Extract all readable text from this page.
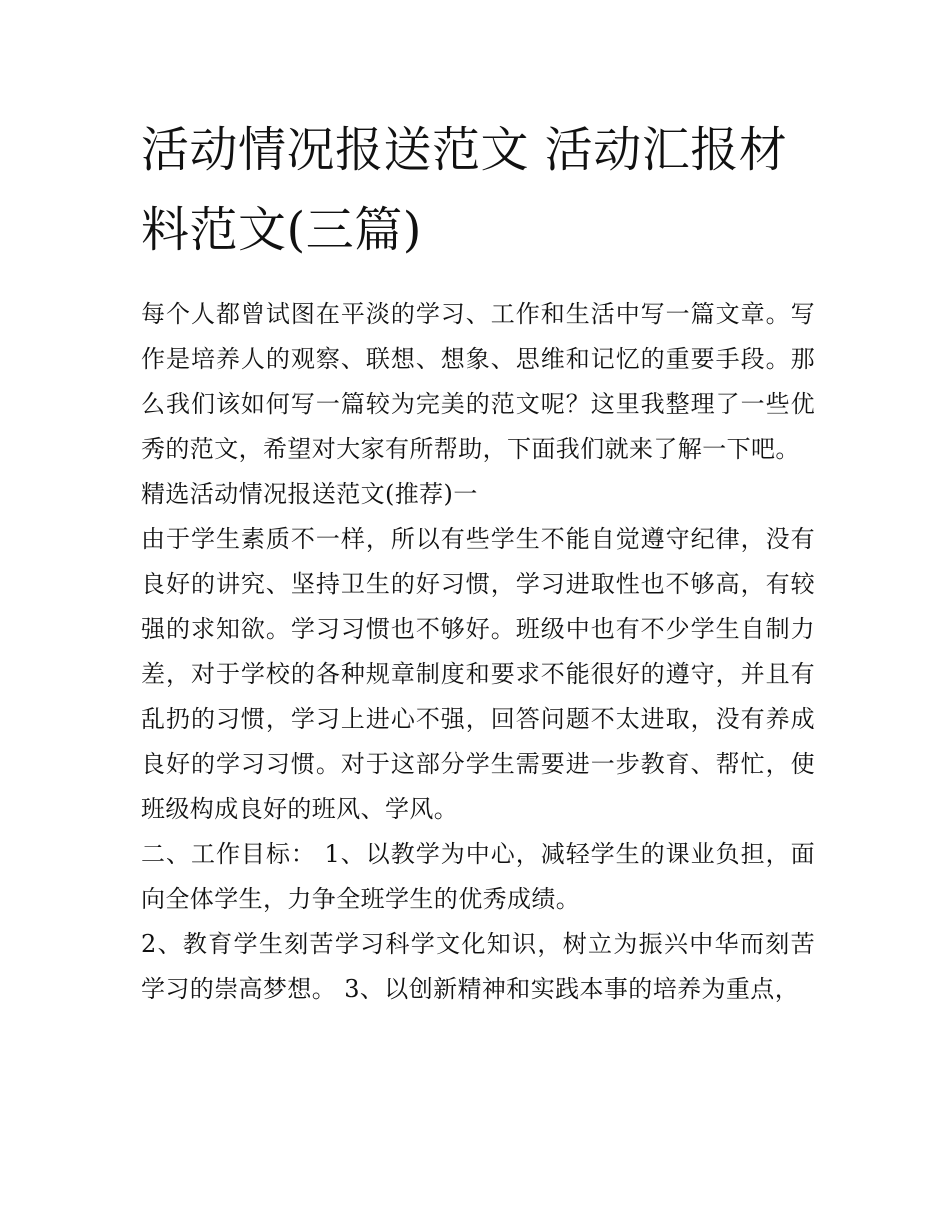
活动情况报送范文 活动汇报材料范文(三篇)

每个人都曾试图在平淡的学习、工作和生活中写一篇文章。写作是培养人的观察、联想、想象、思维和记忆的重要手段。那么我们该如何写一篇较为完美的范文呢？这里我整理了一些优秀的范文，希望对大家有所帮助，下面我们就来了解一下吧。

精选活动情况报送范文(推荐)一

由于学生素质不一样，所以有些学生不能自觉遵守纪律，没有良好的讲究、坚持卫生的好习惯，学习进取性也不够高，有较强的求知欲。学习习惯也不够好。班级中也有不少学生自制力差，对于学校的各种规章制度和要求不能很好的遵守，并且有乱扔的习惯，学习上进心不强，回答问题不太进取，没有养成良好的学习习惯。对于这部分学生需要进一步教育、帮忙，使班级构成良好的班风、学风。

二、工作目标： 1、以教学为中心，减轻学生的课业负担，面向全体学生，力争全班学生的优秀成绩。

2、教育学生刻苦学习科学文化知识，树立为振兴中华而刻苦学习的崇高梦想。 3、以创新精神和实践本事的培养为重点，
